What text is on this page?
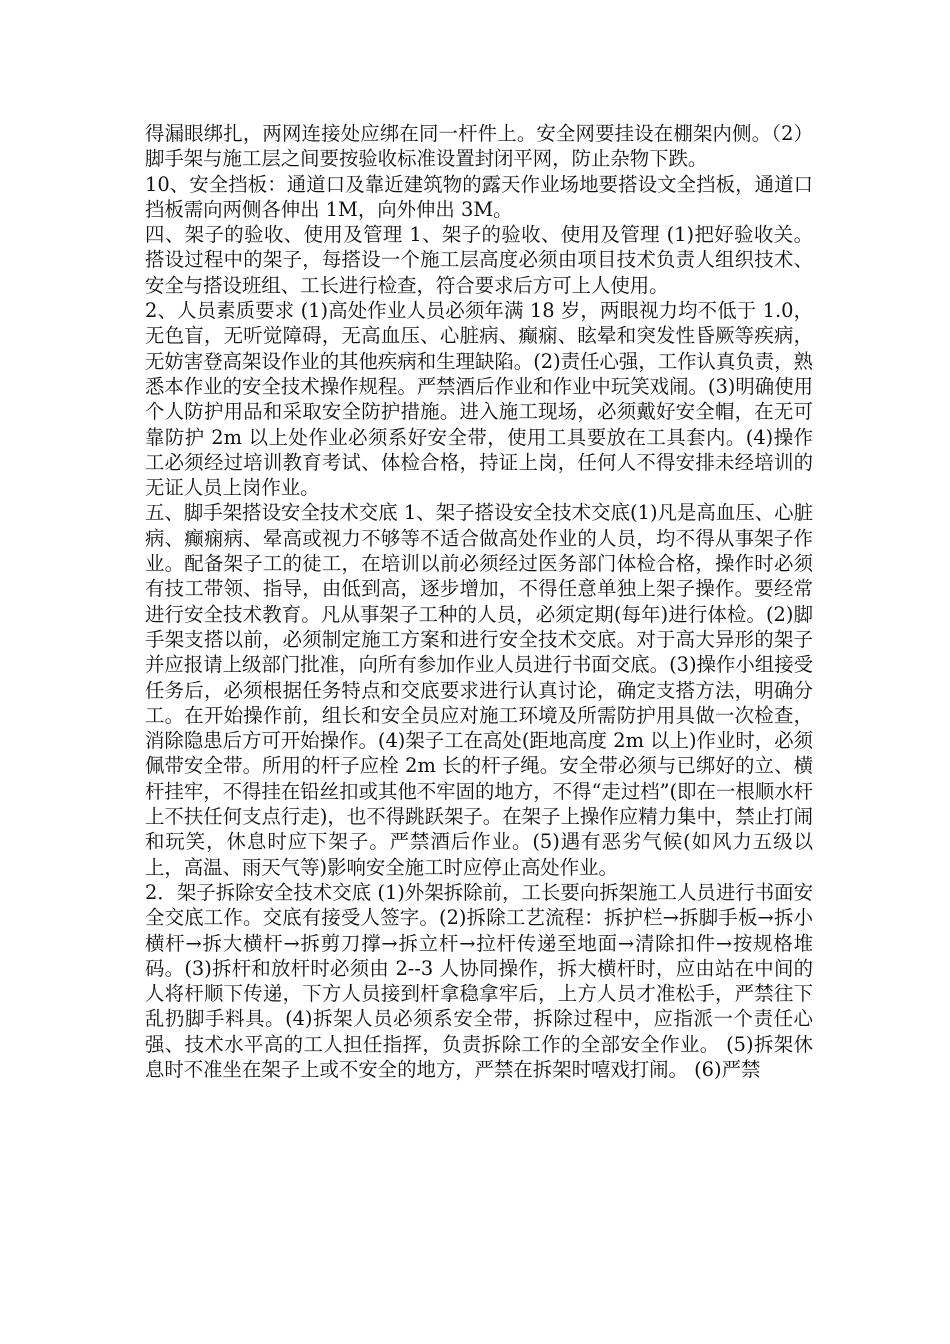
得漏眼绑扎，两网连接处应绑在同一杆件上。安全网要挂设在棚架内侧。（2）脚手架与施工层之间要按验收标准设置封闭平网，防止杂物下跌。

10、安全挡板：通道口及靠近建筑物的露天作业场地要搭设文全挡板，通道口挡板需向两侧各伸出 1M，向外伸出 3M。

四、架子的验收、使用及管理 1、架子的验收、使用及管理 (1)把好验收关。搭设过程中的架子，每搭设一个施工层高度必须由项目技术负责人组织技术、安全与搭设班组、工长进行检查，符合要求后方可上人使用。

2、人员素质要求 (1)高处作业人员必须年满 18 岁，两眼视力均不低于 1.0，无色盲，无听觉障碍，无高血压、心脏病、癫痫、眩晕和突发性昏厥等疾病，无妨害登高架设作业的其他疾病和生理缺陷。(2)责任心强，工作认真负责，熟悉本作业的安全技术操作规程。严禁酒后作业和作业中玩笑戏闹。(3)明确使用个人防护用品和采取安全防护措施。进入施工现场，必须戴好安全帽，在无可靠防护 2m 以上处作业必须系好安全带，使用工具要放在工具套内。(4)操作工必须经过培训教育考试、体检合格，持证上岗，任何人不得安排未经培训的无证人员上岗作业。

五、脚手架搭设安全技术交底 1、架子搭设安全技术交底(1)凡是高血压、心脏病、癫痫病、晕高或视力不够等不适合做高处作业的人员，均不得从事架子作业。配备架子工的徒工，在培训以前必须经过医务部门体检合格，操作时必须有技工带领、指导，由低到高，逐步增加，不得任意单独上架子操作。要经常进行安全技术教育。凡从事架子工种的人员，必须定期(每年)进行体检。(2)脚手架支搭以前，必须制定施工方案和进行安全技术交底。对于高大异形的架子并应报请上级部门批准，向所有参加作业人员进行书面交底。(3)操作小组接受任务后，必须根据任务特点和交底要求进行认真讨论，确定支搭方法，明确分工。在开始操作前，组长和安全员应对施工环境及所需防护用具做一次检查，消除隐患后方可开始操作。(4)架子工在高处(距地高度 2m 以上)作业时，必须佩带安全带。所用的杆子应栓 2m 长的杆子绳。安全带必须与已绑好的立、横杆挂牢，不得挂在铅丝扣或其他不牢固的地方，不得“走过档”(即在一根顺水杆上不扶任何支点行走)，也不得跳跃架子。在架子上操作应精力集中，禁止打闹和玩笑，休息时应下架子。严禁酒后作业。(5)遇有恶劣气候(如风力五级以上，高温、雨天气等)影响安全施工时应停止高处作业。

2．架子拆除安全技术交底 (1)外架拆除前，工长要向拆架施工人员进行书面安全交底工作。交底有接受人签字。(2)拆除工艺流程：拆护栏→拆脚手板→拆小横杆→拆大横杆→拆剪刀撑→拆立杆→拉杆传递至地面→清除扣件→按规格堆码。(3)拆杆和放杆时必须由 2--3 人协同操作，拆大横杆时，应由站在中间的人将杆顺下传递，下方人员接到杆拿稳拿牢后，上方人员才准松手，严禁往下乱扔脚手料具。(4)拆架人员必须系安全带，拆除过程中，应指派一个责任心强、技术水平高的工人担任指挥，负责拆除工作的全部安全作业。 (5)拆架休息时不准坐在架子上或不安全的地方，严禁在拆架时嘻戏打闹。 (6)严禁
